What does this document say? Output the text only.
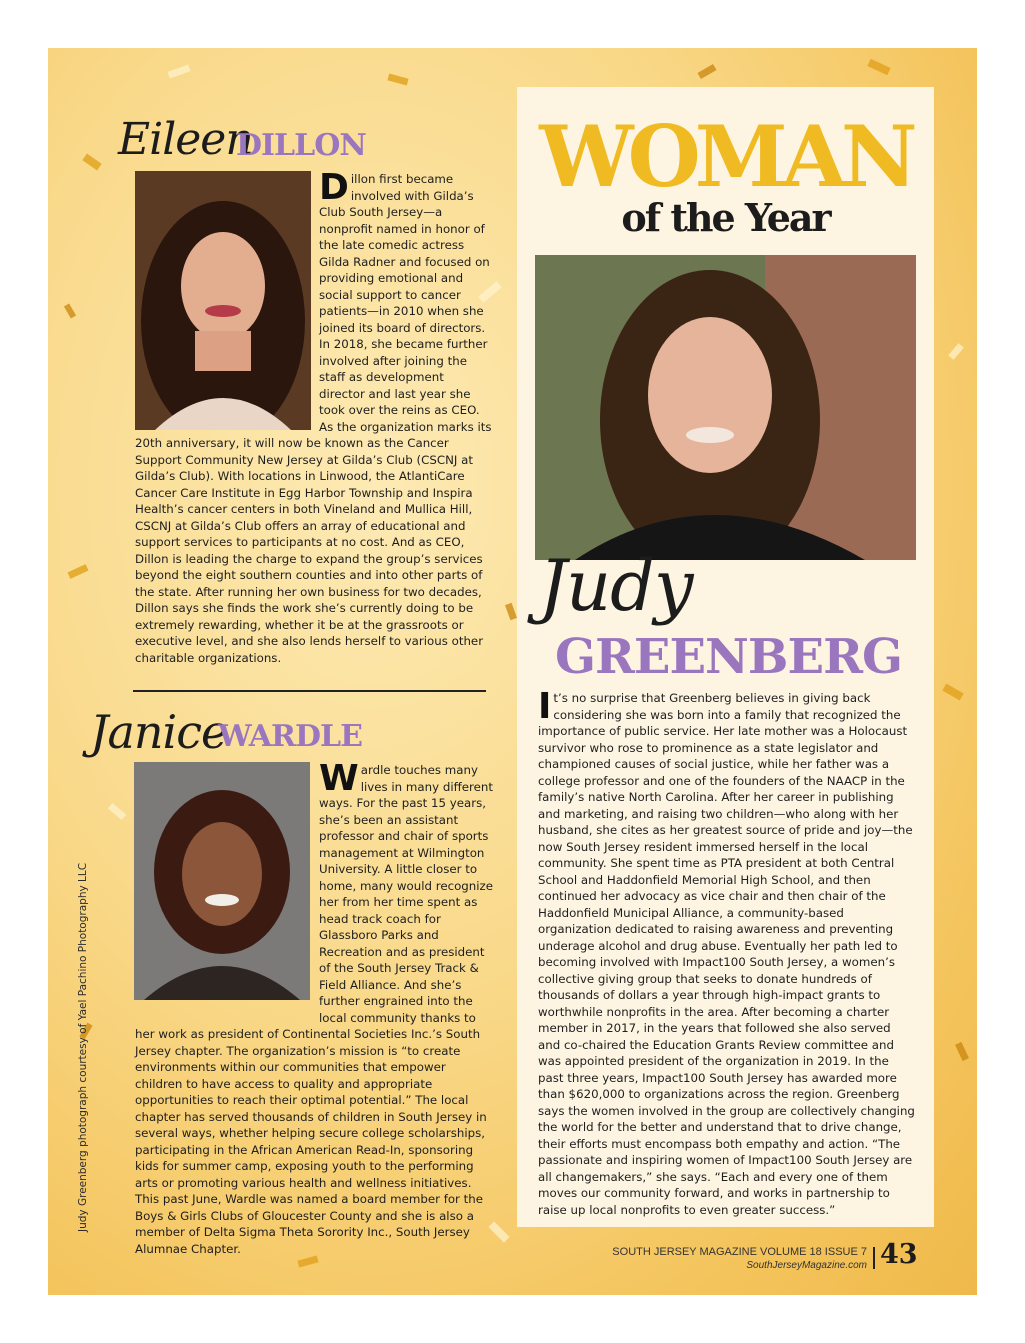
Eileen
DILLON

D illon first became involved with Gilda’s Club South Jersey—a nonprofit named in honor of the late comedic actress Gilda Radner and focused on providing emotional and social support to cancer patients—in 2010 when she joined its board of directors. In 2018, she became further involved after joining the staff as development director and last year she took over the reins as CEO. As the organization marks its 20th anniversary, it will now be known as the Cancer Support Community New Jersey at Gilda’s Club (CSCNJ at Gilda’s Club). With locations in Linwood, the AtlantiCare Cancer Care Institute in Egg Harbor Township and Inspira Health’s cancer centers in both Vineland and Mullica Hill, CSCNJ at Gilda’s Club offers an array of educational and support services to participants at no cost. And as CEO, Dillon is leading the charge to expand the group’s services beyond the eight southern counties and into other parts of the state. After running her own business for two decades, Dillon says she finds the work she’s currently doing to be extremely rewarding, whether it be at the grassroots or executive level, and she also lends herself to various other charitable organizations.

Janice
WARDLE

W ardle touches many lives in many different ways. For the past 15 years, she’s been an assistant professor and chair of sports management at Wilmington University. A little closer to home, many would recognize her from her time spent as head track coach for Glassboro Parks and Recreation and as president of the South Jersey Track & Field Alliance. And she’s further engrained into the local community thanks to her work as president of Continental Societies Inc.’s South Jersey chapter. The organization’s mission is “to create environments within our communities that empower children to have access to quality and appropriate opportunities to reach their optimal potential.” The local chapter has served thousands of children in South Jersey in several ways, whether helping secure college scholarships, participating in the African American Read-In, sponsoring kids for summer camp, exposing youth to the performing arts or promoting various health and wellness initiatives. This past June, Wardle was named a board member for the Boys & Girls Clubs of Gloucester County and she is also a member of Delta Sigma Theta Sorority Inc., South Jersey Alumnae Chapter.

WOMAN
of the Year
Judy
GREENBERG

I t’s no surprise that Greenberg believes in giving back considering she was born into a family that recognized the importance of public service. Her late mother was a Holocaust survivor who rose to prominence as a state legislator and championed causes of social justice, while her father was a college professor and one of the founders of the NAACP in the family’s native North Carolina. After her career in publishing and marketing, and raising two children—who along with her husband, she cites as her greatest source of pride and joy—the now South Jersey resident immersed herself in the local community. She spent time as PTA president at both Central School and Haddonfield Memorial High School, and then continued her advocacy as vice chair and then chair of the Haddonfield Municipal Alliance, a community-based organization dedicated to raising awareness and preventing underage alcohol and drug abuse. Eventually her path led to becoming involved with Impact100 South Jersey, a women’s collective giving group that seeks to donate hundreds of thousands of dollars a year through high-impact grants to worthwhile nonprofits in the area. After becoming a charter member in 2017, in the years that followed she also served and co-chaired the Education Grants Review committee and was appointed president of the organization in 2019. In the past three years, Impact100 South Jersey has awarded more than $620,000 to organizations across the region. Greenberg says the women involved in the group are collectively changing the world for the better and understand that to drive change, their efforts must encompass both empathy and action. “The passionate and inspiring women of Impact100 South Jersey are all changemakers,” she says. “Each and every one of them moves our community forward, and works in partnership to raise up local nonprofits to even greater success.”

Judy Greenberg photograph courtesy of Yael Pachino Photography LLC
SOUTH JERSEY MAGAZINE VOLUME 18 ISSUE 7
SouthJerseyMagazine.com 43
